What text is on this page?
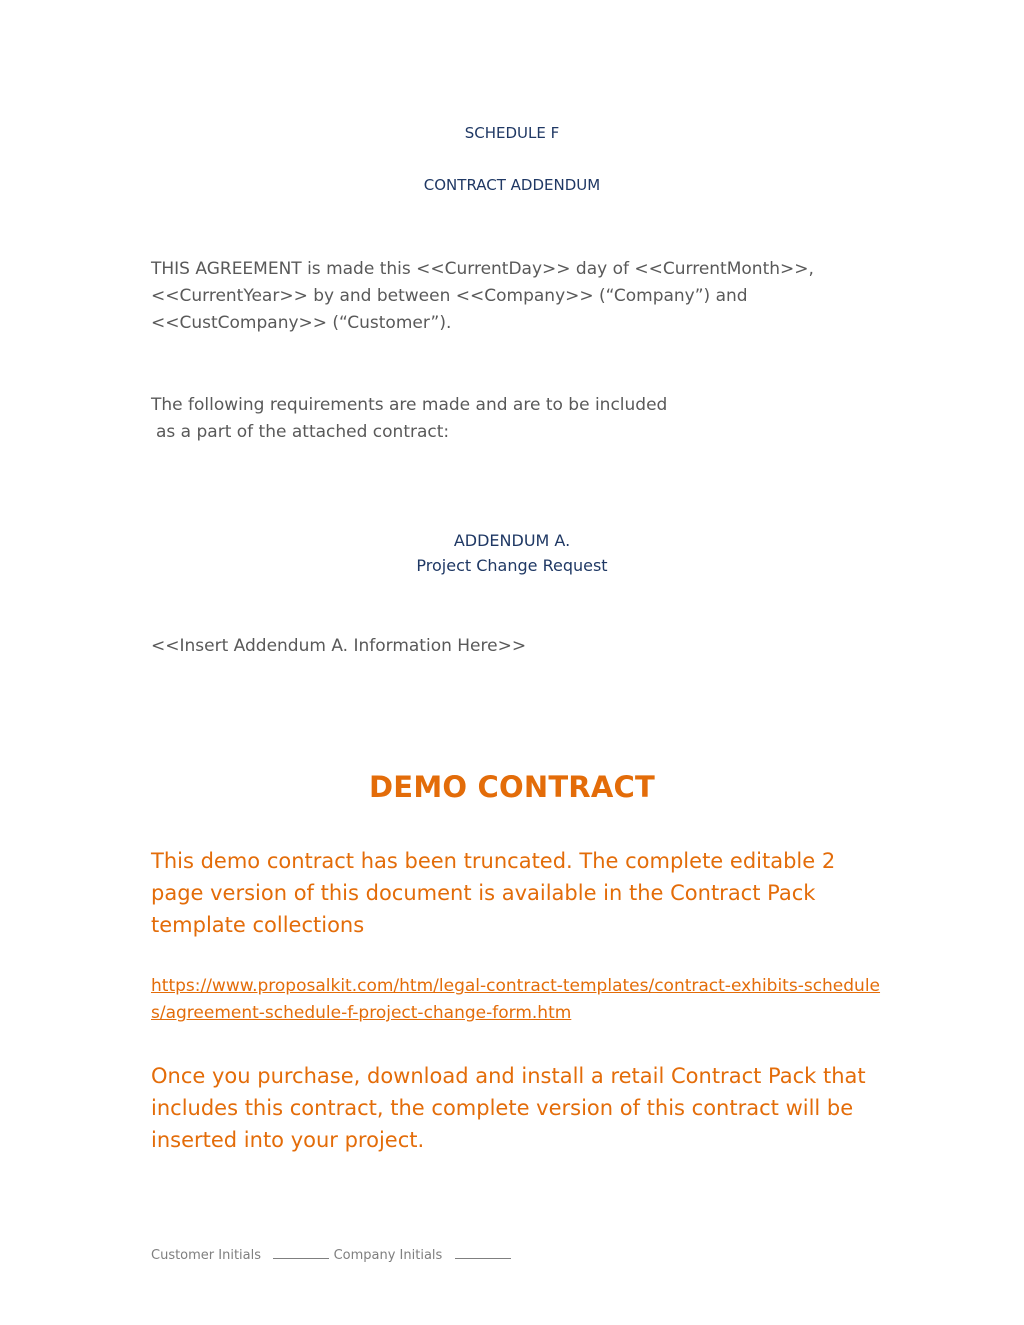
SCHEDULE F

CONTRACT ADDENDUM

THIS AGREEMENT is made this <<CurrentDay>> day of <<CurrentMonth>>, <<CurrentYear>> by and between <<Company>> (“Company”) and <<CustCompany>> (“Customer”).

The following requirements are made and are to be included
as a part of the attached contract:

ADDENDUM A.
Project Change Request

<<Insert Addendum A. Information Here>>

DEMO CONTRACT

This demo contract has been truncated. The complete editable 2 page version of this document is available in the Contract Pack template collections

https://www.proposalkit.com/htm/legal-contract-templates/contract-exhibits-schedules/agreement-schedule-f-project-change-form.htm

Once you purchase, download and install a retail Contract Pack that includes this contract, the complete version of this contract will be inserted into your project.

Customer Initials	Company Initials
